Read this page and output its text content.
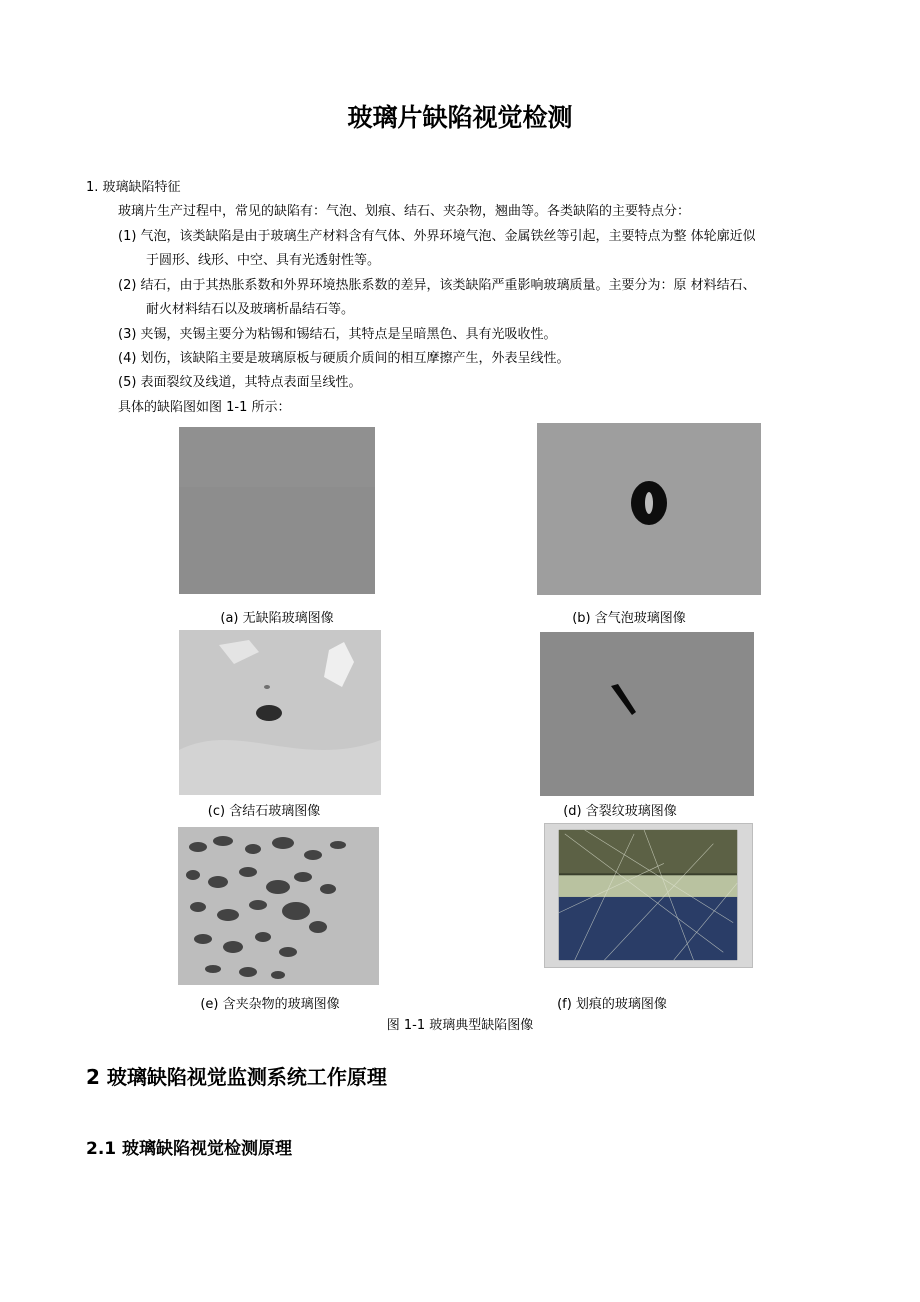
玻璃片缺陷视觉检测
1. 玻璃缺陷特征
玻璃片生产过程中，常见的缺陷有：气泡、划痕、结石、夹杂物，翘曲等。各类缺陷的主要特点分：
(1) 气泡，该类缺陷是由于玻璃生产材料含有气体、外界环境气泡、金属铁丝等引起，主要特点为整 体轮廓近似
于圆形、线形、中空、具有光透射性等。
(2) 结石，由于其热胀系数和外界环境热胀系数的差异，该类缺陷严重影响玻璃质量。主要分为：原 材料结石、
耐火材料结石以及玻璃析晶结石等。
(3) 夹锡，夹锡主要分为粘锡和锡结石，其特点是呈暗黑色、具有光吸收性。
(4) 划伤，该缺陷主要是玻璃原板与硬质介质间的相互摩擦产生，外表呈线性。
(5) 表面裂纹及线道，其特点表面呈线性。
具体的缺陷图如图 1-1 所示：
(a) 无缺陷玻璃图像	(b) 含气泡玻璃图像
(c) 含结石玻璃图像	(d) 含裂纹玻璃图像
(e) 含夹杂物的玻璃图像	(f) 划痕的玻璃图像
图 1-1 玻璃典型缺陷图像
2 玻璃缺陷视觉监测系统工作原理
2.1 玻璃缺陷视觉检测原理
